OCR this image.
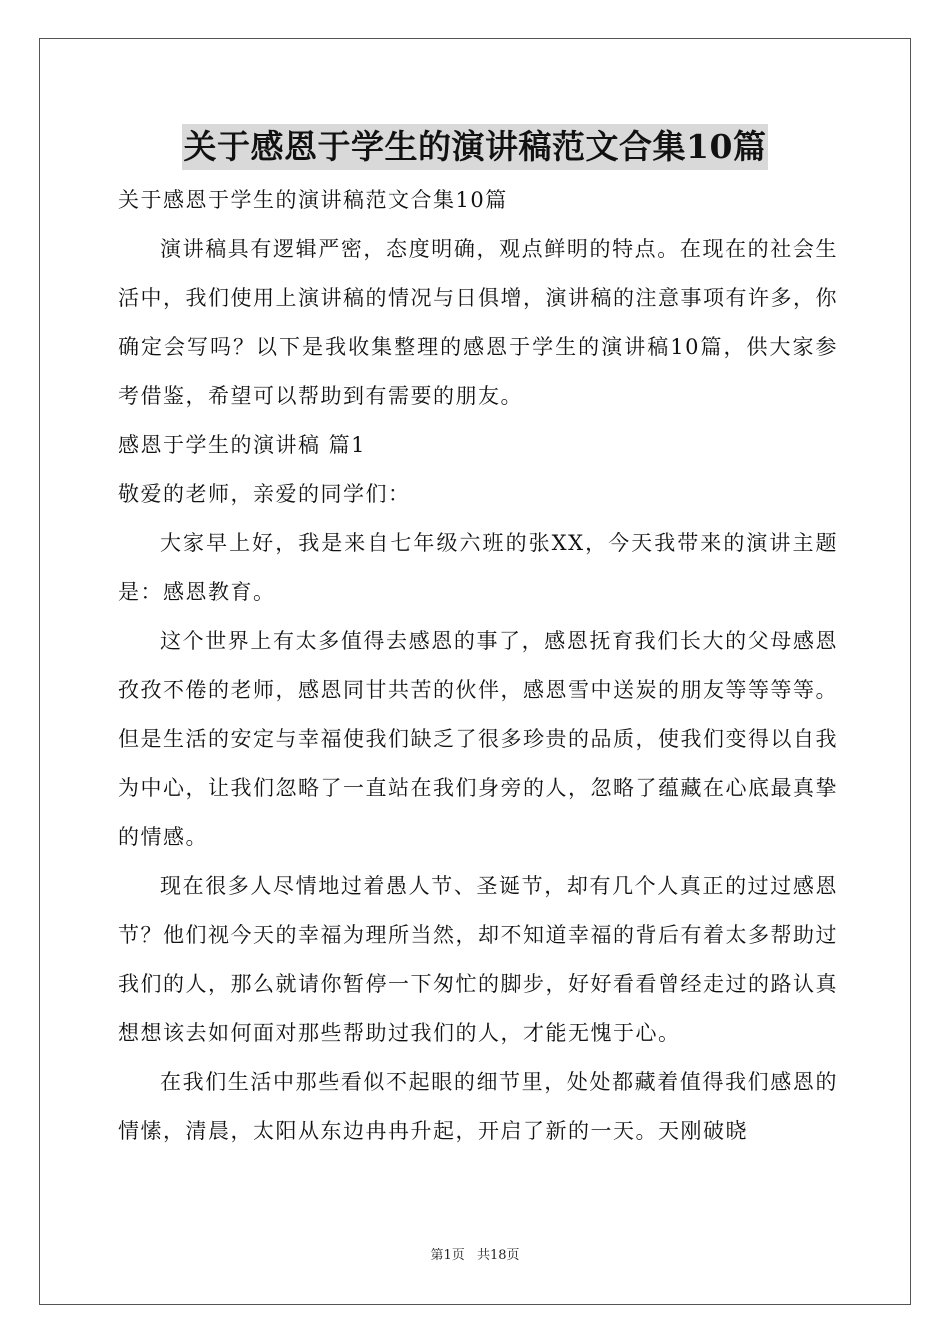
关于感恩于学生的演讲稿范文合集10篇
关于感恩于学生的演讲稿范文合集10篇
演讲稿具有逻辑严密，态度明确，观点鲜明的特点。在现在的社会生活中，我们使用上演讲稿的情况与日俱增，演讲稿的注意事项有许多，你确定会写吗？以下是我收集整理的感恩于学生的演讲稿10篇，供大家参考借鉴，希望可以帮助到有需要的朋友。
感恩于学生的演讲稿 篇1
敬爱的老师，亲爱的同学们：
大家早上好，我是来自七年级六班的张XX，今天我带来的演讲主题是：感恩教育。
这个世界上有太多值得去感恩的事了，感恩抚育我们长大的父母感恩孜孜不倦的老师，感恩同甘共苦的伙伴，感恩雪中送炭的朋友等等等等。但是生活的安定与幸福使我们缺乏了很多珍贵的品质，使我们变得以自我为中心，让我们忽略了一直站在我们身旁的人，忽略了蕴藏在心底最真挚的情感。
现在很多人尽情地过着愚人节、圣诞节，却有几个人真正的过过感恩节？他们视今天的幸福为理所当然，却不知道幸福的背后有着太多帮助过我们的人，那么就请你暂停一下匆忙的脚步，好好看看曾经走过的路认真想想该去如何面对那些帮助过我们的人，才能无愧于心。
在我们生活中那些看似不起眼的细节里，处处都藏着值得我们感恩的情愫，清晨，太阳从东边冉冉升起，开启了新的一天。天刚破晓
第1页 共18页
